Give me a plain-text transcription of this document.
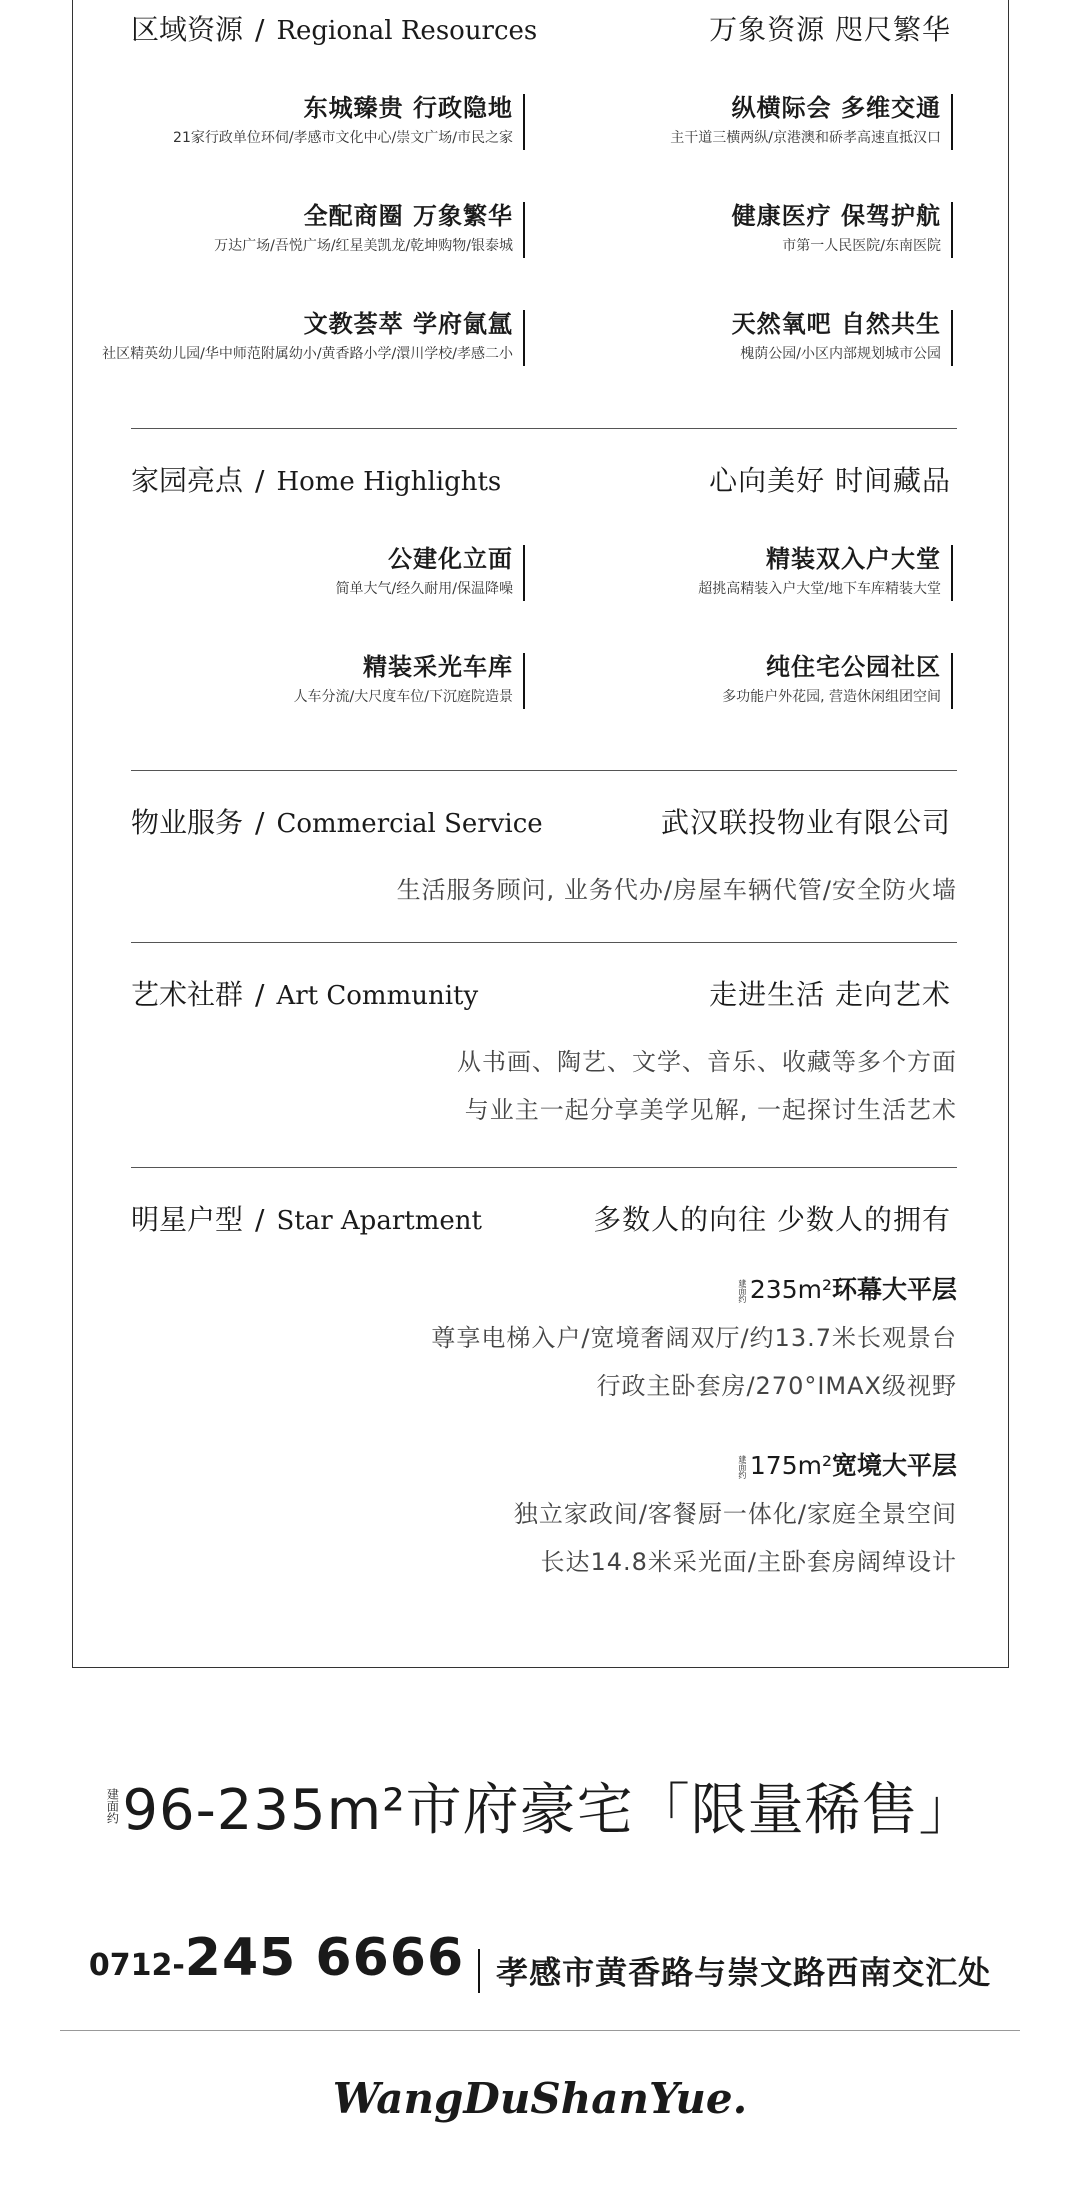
区域资源 / Regional Resources	万象资源 咫尺繁华
东城臻贵 行政隐地
21家行政单位环伺/孝感市文化中心/崇文广场/市民之家
纵横际会 多维交通
主干道三横两纵/京港澳和硚孝高速直抵汉口
全配商圈 万象繁华
万达广场/吾悦广场/红星美凯龙/乾坤购物/银泰城
健康医疗 保驾护航
市第一人民医院/东南医院
文教荟萃 学府氤氲
社区精英幼儿园/华中师范附属幼小/黄香路小学/澴川学校/孝感二小
天然氧吧 自然共生
槐荫公园/小区内部规划城市公园
家园亮点 / Home Highlights	心向美好 时间藏品
公建化立面
简单大气/经久耐用/保温降噪
精装双入户大堂
超挑高精装入户大堂/地下车库精装大堂
精装采光车库
人车分流/大尺度车位/下沉庭院造景
纯住宅公园社区
多功能户外花园, 营造休闲组团空间
物业服务 / Commercial Service	武汉联投物业有限公司
生活服务顾问, 业务代办/房屋车辆代管/安全防火墙
艺术社群 / Art Community	走进生活 走向艺术
从书画、陶艺、文学、音乐、收藏等多个方面
与业主一起分享美学见解, 一起探讨生活艺术
明星户型 / Star Apartment	多数人的向往 少数人的拥有
建面约 235m²环幕大平层
尊享电梯入户/宽境奢阔双厅/约13.7米长观景台
行政主卧套房/270°IMAX级视野
建面约 175m²宽境大平层
独立家政间/客餐厨一体化/家庭全景空间
长达14.8米采光面/主卧套房阔绰设计
建面约96-235m²市府豪宅「限量稀售」
0712-245 6666 孝感市黄香路与崇文路西南交汇处
WangDuShanYue.
